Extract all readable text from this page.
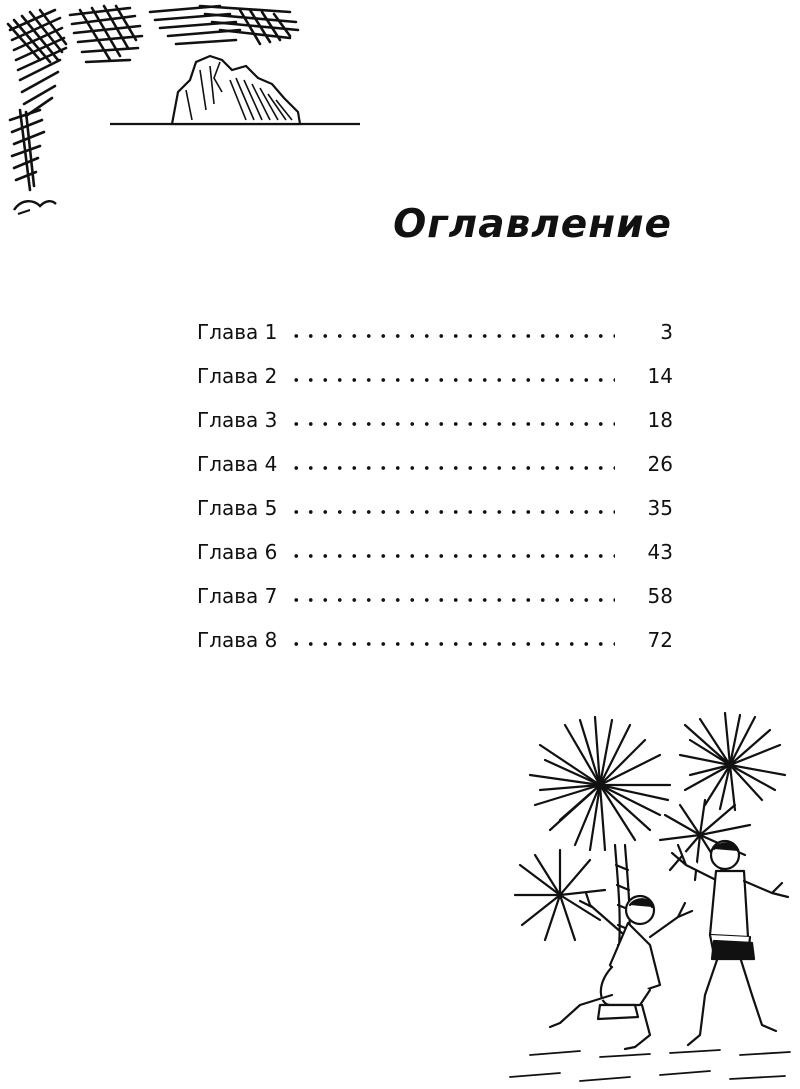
Оглавление
Глава 1	3
Глава 2	14
Глава 3	18
Глава 4	26
Глава 5	35
Глава 6	43
Глава 7	58
Глава 8	72
